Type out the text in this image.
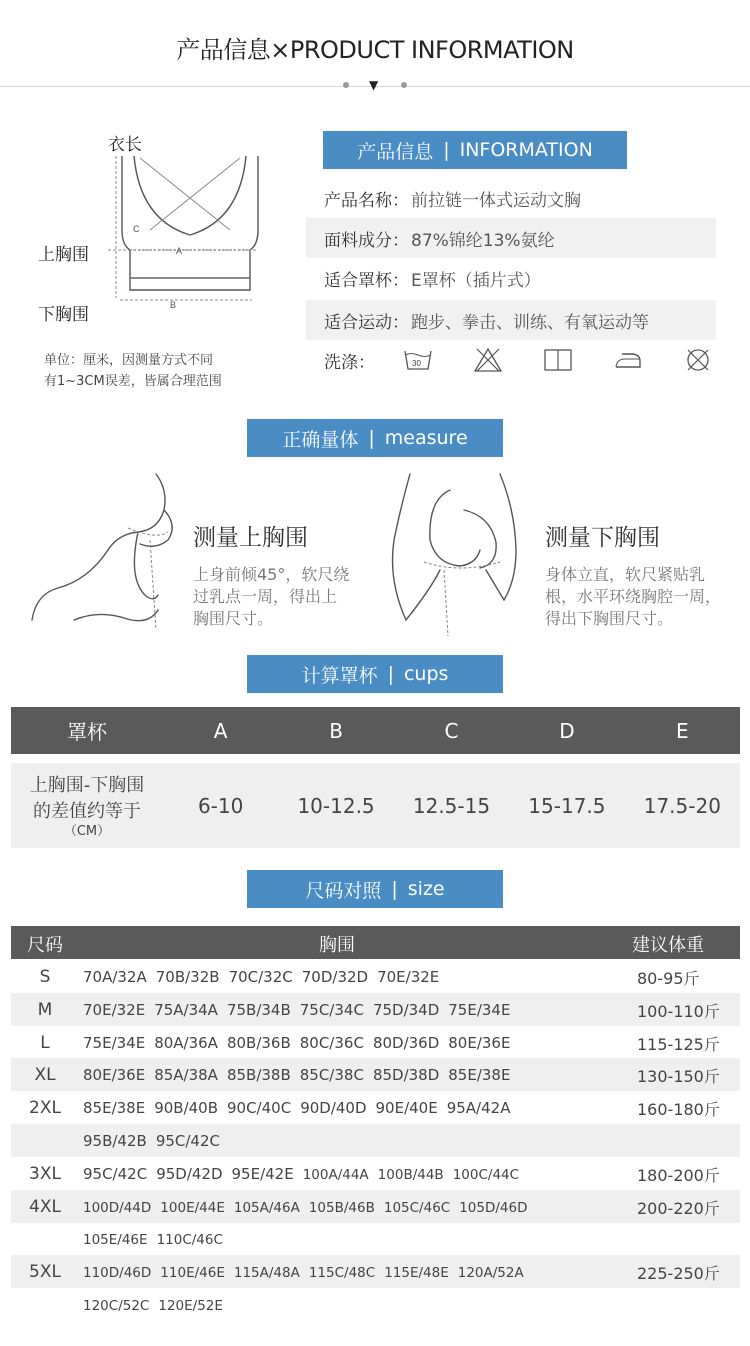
产品信息×PRODUCT INFORMATION
▼
衣长
上胸围
下胸围
C
A
B
单位：厘米，因测量方式不同
有1~3CM误差，皆属合理范围
产品信息 | INFORMATION
产品名称： 前拉链一体式运动文胸
面料成分： 87%锦纶13%氨纶
适合罩杯： E罩杯（插片式）
适合运动： 跑步、拳击、训练、有氧运动等
洗涤：	30
正确量体 | measure
测量上胸围
上身前倾45°，软尺绕
过乳点一周，得出上
胸围尺寸。
测量下胸围
身体立直，软尺紧贴乳
根，水平环绕胸腔一周，
得出下胸围尺寸。
计算罩杯 | cups
罩杯	A	B	C	D	E
上胸围-下胸围
的差值约等于
（CM）
6-10	10-12.5	12.5-15	15-17.5	17.5-20
尺码对照 | size
尺码	胸围	建议体重
S	70A/32A 70B/32B 70C/32C 70D/32D 70E/32E	80-95斤
M	70E/32E 75A/34A 75B/34B 75C/34C 75D/34D 75E/34E	100-110斤
L	75E/34E 80A/36A 80B/36B 80C/36C 80D/36D 80E/36E	115-125斤
XL	80E/36E 85A/38A 85B/38B 85C/38C 85D/38D 85E/38E	130-150斤
2XL	85E/38E 90B/40B 90C/40C 90D/40D 90E/40E 95A/42A	160-180斤
95B/42B 95C/42C
3XL	95C/42C 95D/42D 95E/42E 100A/44A 100B/44B 100C/44C	180-200斤
4XL	100D/44D 100E/44E 105A/46A 105B/46B 105C/46C 105D/46D	200-220斤
105E/46E 110C/46C
5XL	110D/46D 110E/46E 115A/48A 115C/48C 115E/48E 120A/52A	225-250斤
120C/52C 120E/52E
